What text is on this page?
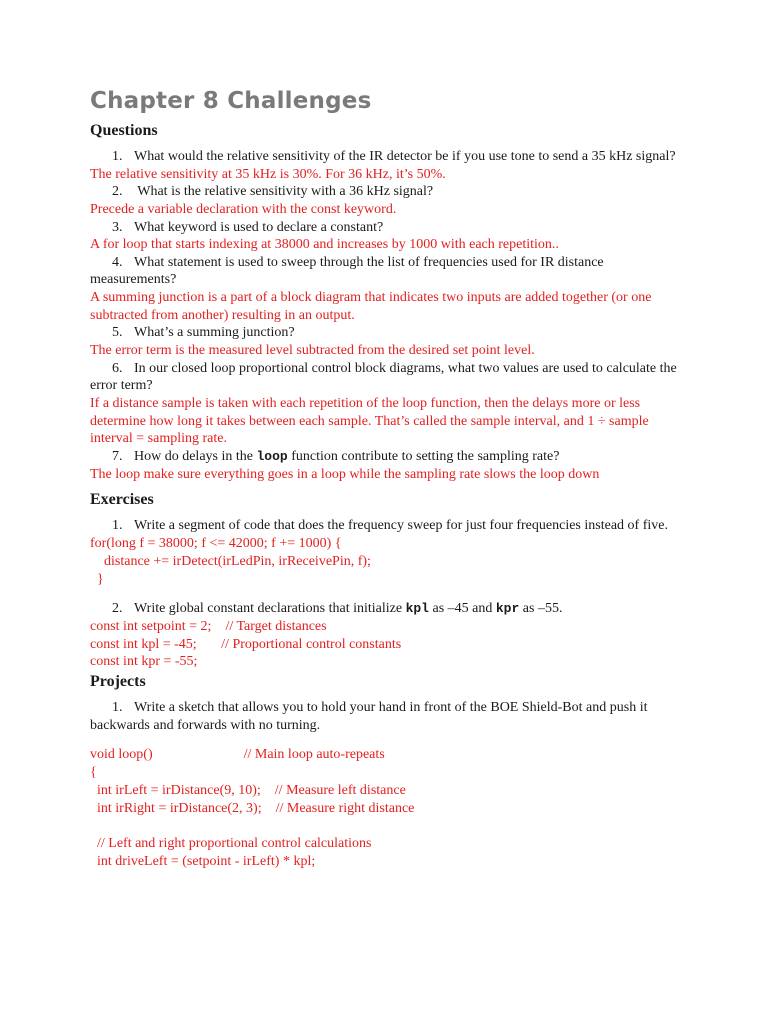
Chapter 8 Challenges
Questions

1. What would the relative sensitivity of the IR detector be if you use tone to send a 35 kHz signal?

The relative sensitivity at 35 kHz is 30%. For 36 kHz, it’s 50%.

2. What is the relative sensitivity with a 36 kHz signal?

Precede a variable declaration with the const keyword.

3. What keyword is used to declare a constant?

A for loop that starts indexing at 38000 and increases by 1000 with each repetition..

4. What statement is used to sweep through the list of frequencies used for IR distance measurements?

A summing junction is a part of a block diagram that indicates two inputs are added together (or one subtracted from another) resulting in an output.

5. What’s a summing junction?

The error term is the measured level subtracted from the desired set point level.

6. In our closed loop proportional control block diagrams, what two values are used to calculate the error term?

If a distance sample is taken with each repetition of the loop function, then the delays more or less determine how long it takes between each sample. That’s called the sample interval, and 1 ÷ sample interval = sampling rate.

7. How do delays in the loop function contribute to setting the sampling rate?

The loop make sure everything goes in a loop while the sampling rate slows the loop down

Exercises

1. Write a segment of code that does the frequency sweep for just four frequencies instead of five.

for(long f = 38000; f <= 42000; f += 1000) {

distance += irDetect(irLedPin, irReceivePin, f);

}

2. Write global constant declarations that initialize kpl as –45 and kpr as –55.

const int setpoint = 2;    // Target distances

const int kpl = -45;       // Proportional control constants

const int kpr = -55;

Projects

1. Write a sketch that allows you to hold your hand in front of the BOE Shield-Bot and push it backwards and forwards with no turning.

void loop()                          // Main loop auto-repeats

{

int irLeft = irDistance(9, 10);    // Measure left distance

int irRight = irDistance(2, 3);    // Measure right distance

// Left and right proportional control calculations

int driveLeft = (setpoint - irLeft) * kpl;
